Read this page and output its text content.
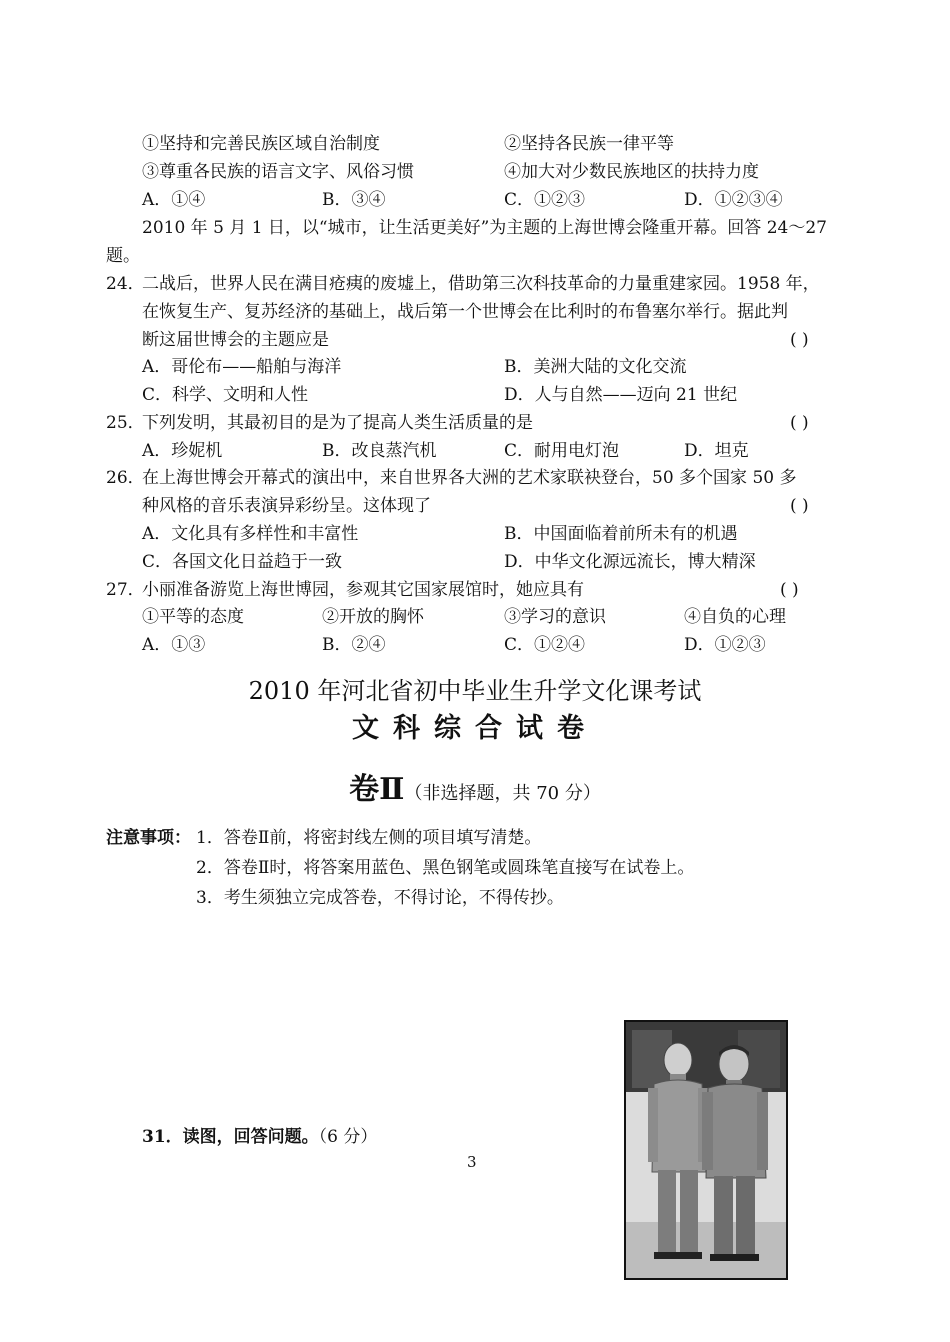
①坚持和完善民族区域自治制度	②坚持各民族一律平等
③尊重各民族的语言文字、风俗习惯	④加大对少数民族地区的扶持力度
A．①④	B．③④	C．①②③	D．①②③④
2010 年 5 月 1 日，以“城市，让生活更美好”为主题的上海世博会隆重开幕。回答 24～27
题。
24．
二战后，世界人民在满目疮痍的废墟上，借助第三次科技革命的力量重建家园。1958 年，
在恢复生产、复苏经济的基础上，战后第一个世博会在比利时的布鲁塞尔举行。据此判
断这届世博会的主题应是	( )
A．哥伦布——船舶与海洋	B．美洲大陆的文化交流
C．科学、文明和人性	D．人与自然——迈向 21 世纪
25．
下列发明，其最初目的是为了提高人类生活质量的是	( )
A．珍妮机	B．改良蒸汽机	C．耐用电灯泡	D．坦克
26．
在上海世博会开幕式的演出中，来自世界各大洲的艺术家联袂登台，50 多个国家 50 多
种风格的音乐表演异彩纷呈。这体现了	( )
A．文化具有多样性和丰富性	B．中国面临着前所未有的机遇
C．各国文化日益趋于一致	D．中华文化源远流长，博大精深
27．
小丽准备游览上海世博园，参观其它国家展馆时，她应具有	( )
①平等的态度	②开放的胸怀	③学习的意识	④自负的心理
A．①③	B．②④	C．①②④	D．①②③
2010 年河北省初中毕业生升学文化课考试
文科综合试卷
卷Ⅱ（非选择题，共 70 分）
注意事项： 1．答卷Ⅱ前，将密封线左侧的项目填写清楚。
2．答卷Ⅱ时，将答案用蓝色、黑色钢笔或圆珠笔直接写在试卷上。
3．考生须独立完成答卷，不得讨论，不得传抄。
31．读图，回答问题。（6 分）
3
